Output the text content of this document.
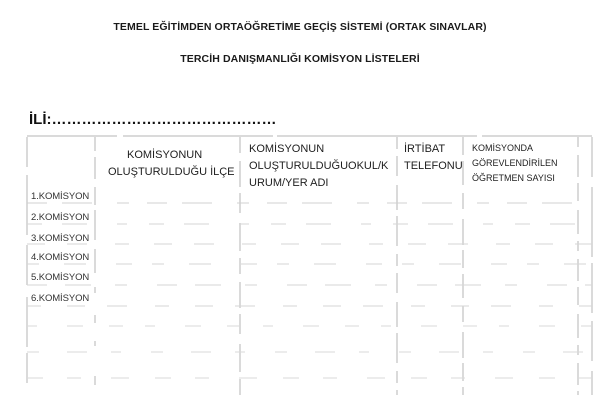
TEMEL EĞİTİMDEN ORTAÖĞRETİME GEÇİŞ SİSTEMİ (ORTAK SINAVLAR)
TERCİH DANIŞMANLIĞI KOMİSYON LİSTELERİ
İLİ:………………………………………
KOMİSYONUN
OLUŞTURULDUĞU İLÇE
KOMİSYONUN
OLUŞTURULDUĞUOKUL/K
URUM/YER ADI
İRTİBAT
TELEFONU
KOMİSYONDA
GÖREVLENDİRİLEN
ÖĞRETMEN SAYISI
1.KOMİSYON
2.KOMİSYON
3.KOMİSYON
4.KOMİSYON
5.KOMİSYON
6.KOMİSYON
